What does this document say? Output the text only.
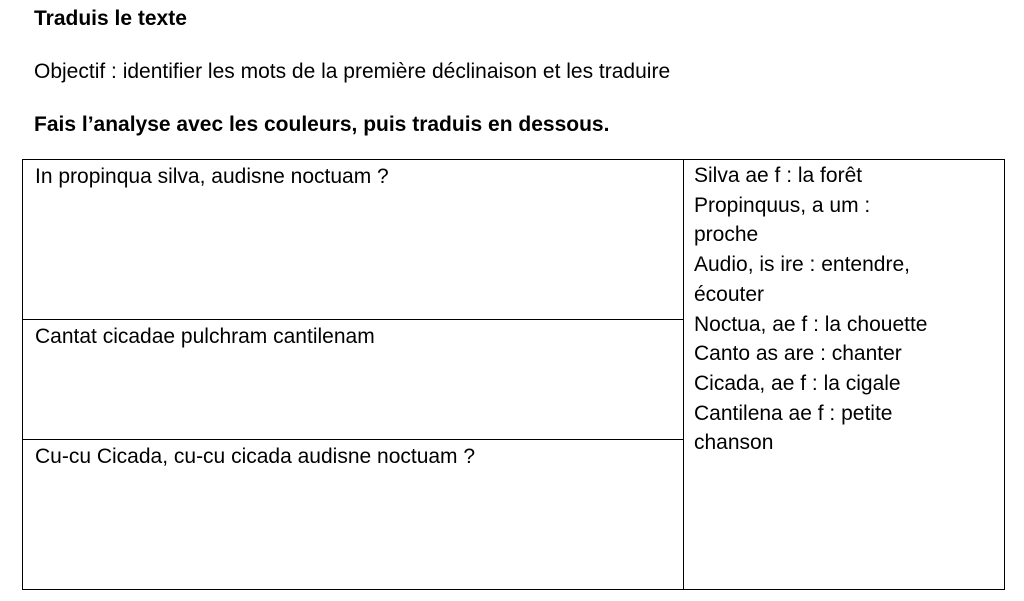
Traduis le texte
Objectif : identifier les mots de la première déclinaison et les traduire
Fais l’analyse avec les couleurs, puis traduis en dessous.
In propinqua silva, audisne noctuam ?
Cantat cicadae pulchram cantilenam
Cu-cu Cicada, cu-cu cicada audisne noctuam ?
Silva ae f : la forêt
Propinquus, a um :
proche
Audio, is ire : entendre,
écouter
Noctua, ae f : la chouette
Canto as are : chanter
Cicada, ae f : la cigale
Cantilena ae f : petite
chanson
